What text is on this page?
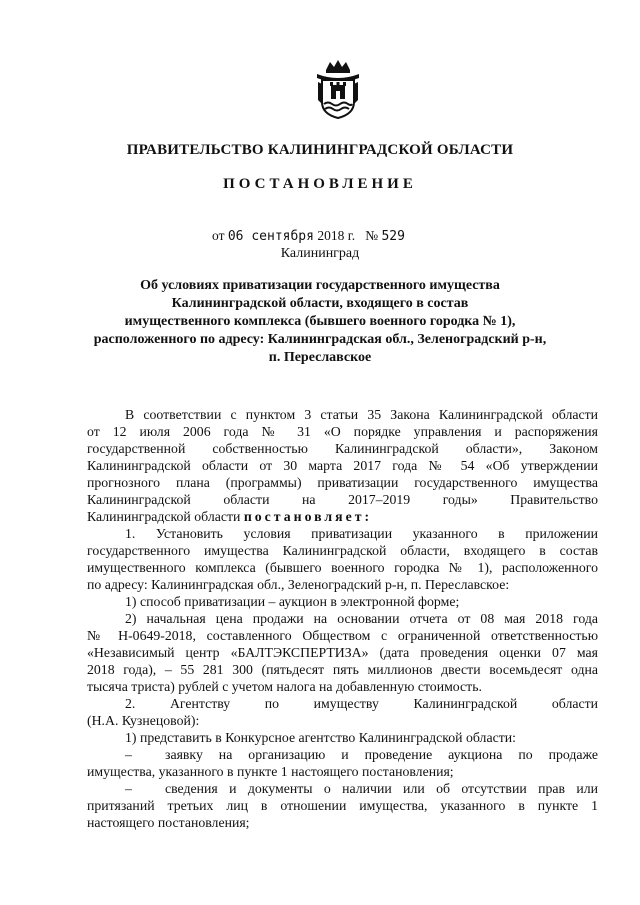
ПРАВИТЕЛЬСТВО КАЛИНИНГРАДСКОЙ ОБЛАСТИ
ПОСТАНОВЛЕНИЕ
от 06 сентября 2018 г. № 529
Калининград
Об условиях приватизации государственного имущества
Калининградской области, входящего в состав
имущественного комплекса (бывшего военного городка № 1),
расположенного по адресу: Калининградская обл., Зеленоградский р-н,
п. Переславское

В соответствии с пунктом 3 статьи 35 Закона Калининградской области

от 12 июля 2006 года № 31 «О порядке управления и распоряжения

государственной собственностью Калининградской области», Законом

Калининградской области от 30 марта 2017 года № 54 «Об утверждении

прогнозного плана (программы) приватизации государственного имущества

Калининградской области на 2017–2019 годы» Правительство

Калининградской области постановляет:

1. Установить условия приватизации указанного в приложении

государственного имущества Калининградской области, входящего в состав

имущественного комплекса (бывшего военного городка № 1), расположенного

по адресу: Калининградская обл., Зеленоградский р-н, п. Переславское:

1) способ приватизации – аукцион в электронной форме;

2) начальная цена продажи на основании отчета от 08 мая 2018 года

№ Н-0649-2018, составленного Обществом с ограниченной ответственностью

«Независимый центр «БАЛТЭКСПЕРТИЗА» (дата проведения оценки 07 мая

2018 года), – 55 281 300 (пятьдесят пять миллионов двести восемьдесят одна

тысяча триста) рублей с учетом налога на добавленную стоимость.

2. Агентству по имуществу Калининградской области

(Н.А. Кузнецовой):

1) представить в Конкурсное агентство Калининградской области:

– заявку на организацию и проведение аукциона по продаже

имущества, указанного в пункте 1 настоящего постановления;

– сведения и документы о наличии или об отсутствии прав или

притязаний третьих лиц в отношении имущества, указанного в пункте 1

настоящего постановления;
